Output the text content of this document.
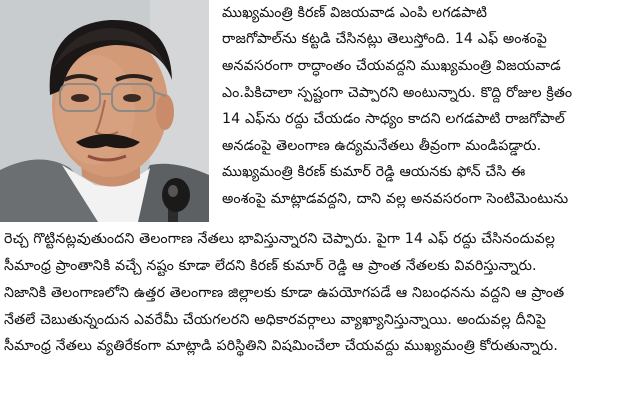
ముఖ్యమంత్రి కిరణ్ విజయవాడ ఎంపి లగడపాటి
రాజగోపాల్‌ను కట్టడి చేసినట్లు తెలుస్తోంది. 14 ఎఫ్ అంశంపై
అనవసరంగా రాద్ధాంతం చేయవద్దని ముఖ్యమంత్రి విజయవాడ
ఎం.పికిచాలా స్పష్టంగా చెప్పారని అంటున్నారు. కొద్ది రోజుల క్రితం
14 ఎఫ్‌ను రద్దు చేయడం సాధ్యం కాదని లగడపాటి రాజగోపాల్
అనడంపై తెలంగాణ ఉద్యమనేతలు తీవ్రంగా మండిపడ్డారు.
ముఖ్యమంత్రి కిరణ్ కుమార్ రెడ్డి ఆయనకు ఫోన్ చేసి ఈ
అంశంపై మాట్లాడవద్దని, దాని వల్ల అనవసరంగా సెంటిమెంటును
రెచ్చ గొట్టినట్లవుతుందని తెలంగాణ నేతలు భావిస్తున్నారని చెప్పారు. పైగా 14 ఎఫ్ రద్దు చేసినందువల్ల
సీమాంధ్ర ప్రాంతానికి వచ్చే నష్టం కూడా లేదని కిరణ్ కుమార్ రెడ్డి ఆ ప్రాంత నేతలకు వివరిస్తున్నారు.
నిజానికి తెలంగాణలోని ఉత్తర తెలంగాణ జిల్లాలకు కూడా ఉపయోగపడే ఆ నిబంధనను వద్దని ఆ ప్రాంత
నేతలే చెబుతున్నందున ఎవరేమీ చేయగలరని అధికారవర్గాలు వ్యాఖ్యానిస్తున్నాయి. అందువల్ల దీనిపై
సీమాంధ్ర నేతలు వ్యతిరేకంగా మాట్లాడి పరిస్థితిని విషమించేలా చేయవద్దు ముఖ్యమంత్రి కోరుతున్నారు.
